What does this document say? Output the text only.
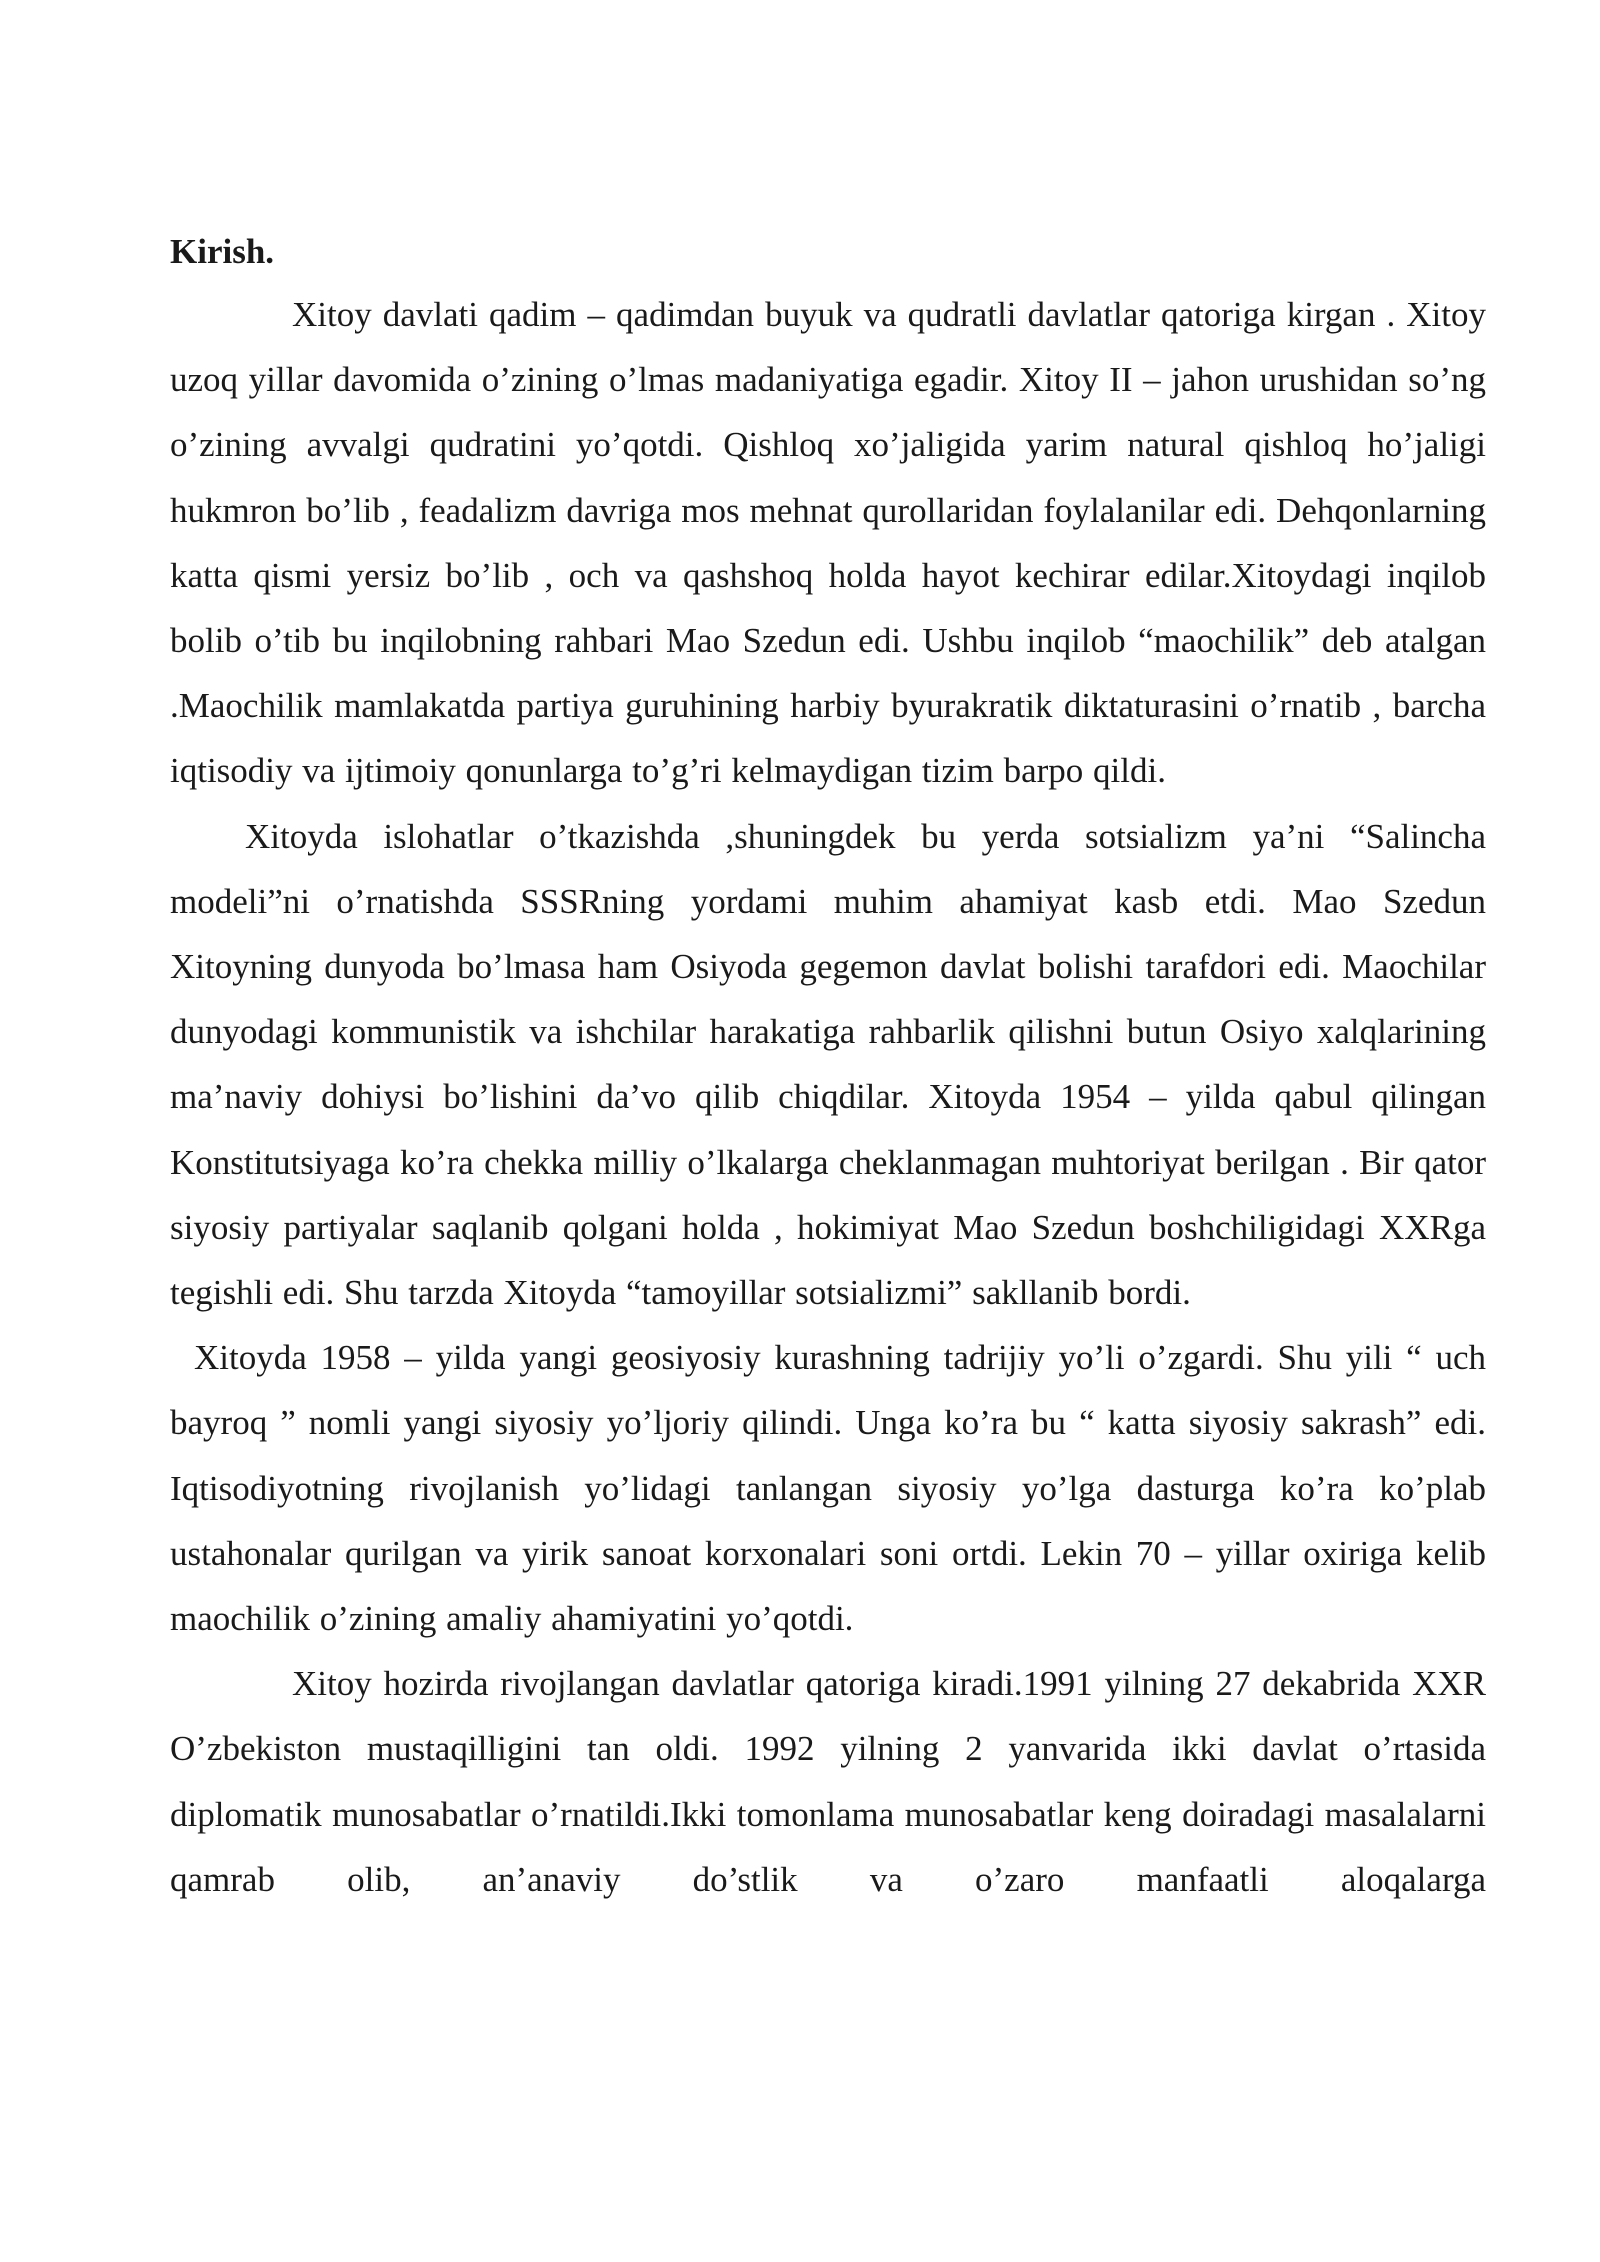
Kirish.

Xitoy davlati qadim – qadimdan buyuk va qudratli davlatlar qatoriga kirgan . Xitoy uzoq yillar davomida o’zining o’lmas madaniyatiga egadir. Xitoy II – jahon urushidan so’ng o’zining avvalgi qudratini yo’qotdi. Qishloq xo’jaligida yarim natural qishloq ho’jaligi hukmron bo’lib , feadalizm davriga mos mehnat qurollaridan foylalanilar edi. Dehqonlarning katta qismi yersiz bo’lib , och va qashshoq holda hayot kechirar edilar.Xitoydagi inqilob bolib o’tib bu inqilobning rahbari Mao Szedun edi. Ushbu inqilob “maochilik” deb atalgan .Maochilik mamlakatda partiya guruhining harbiy byurakratik diktaturasini o’rnatib , barcha iqtisodiy va ijtimoiy qonunlarga to’g’ri kelmaydigan tizim barpo qildi.

Xitoyda islohatlar o’tkazishda ,shuningdek bu yerda sotsializm ya’ni “Salincha modeli”ni o’rnatishda SSSRning yordami muhim ahamiyat kasb etdi. Mao Szedun Xitoyning dunyoda bo’lmasa ham Osiyoda gegemon davlat bolishi tarafdori edi. Maochilar dunyodagi kommunistik va ishchilar harakatiga rahbarlik qilishni butun Osiyo xalqlarining ma’naviy dohiysi bo’lishini da’vo qilib chiqdilar. Xitoyda 1954 – yilda qabul qilingan Konstitutsiyaga ko’ra chekka milliy o’lkalarga cheklanmagan muhtoriyat berilgan . Bir qator siyosiy partiyalar saqlanib qolgani holda , hokimiyat Mao Szedun boshchiligidagi XXRga tegishli edi. Shu tarzda Xitoyda “tamoyillar sotsializmi” sakllanib bordi.

Xitoyda 1958 – yilda yangi geosiyosiy kurashning tadrijiy yo’li o’zgardi. Shu yili “ uch bayroq ” nomli yangi siyosiy yo’ljoriy qilindi. Unga ko’ra bu “ katta siyosiy sakrash” edi. Iqtisodiyotning rivojlanish yo’lidagi tanlangan siyosiy yo’lga dasturga ko’ra ko’plab ustahonalar qurilgan va yirik sanoat korxonalari soni ortdi. Lekin 70 – yillar oxiriga kelib maochilik o’zining amaliy ahamiyatini yo’qotdi.

Xitoy hozirda rivojlangan davlatlar qatoriga kiradi.1991 yilning 27 dekabrida XXR O’zbekiston mustaqilligini tan oldi. 1992 yilning 2 yanvarida ikki davlat o’rtasida diplomatik munosabatlar o’rnatildi.Ikki tomonlama munosabatlar keng doiradagi masalalarni qamrab olib, an’anaviy do’stlik va o’zaro manfaatli aloqalarga
